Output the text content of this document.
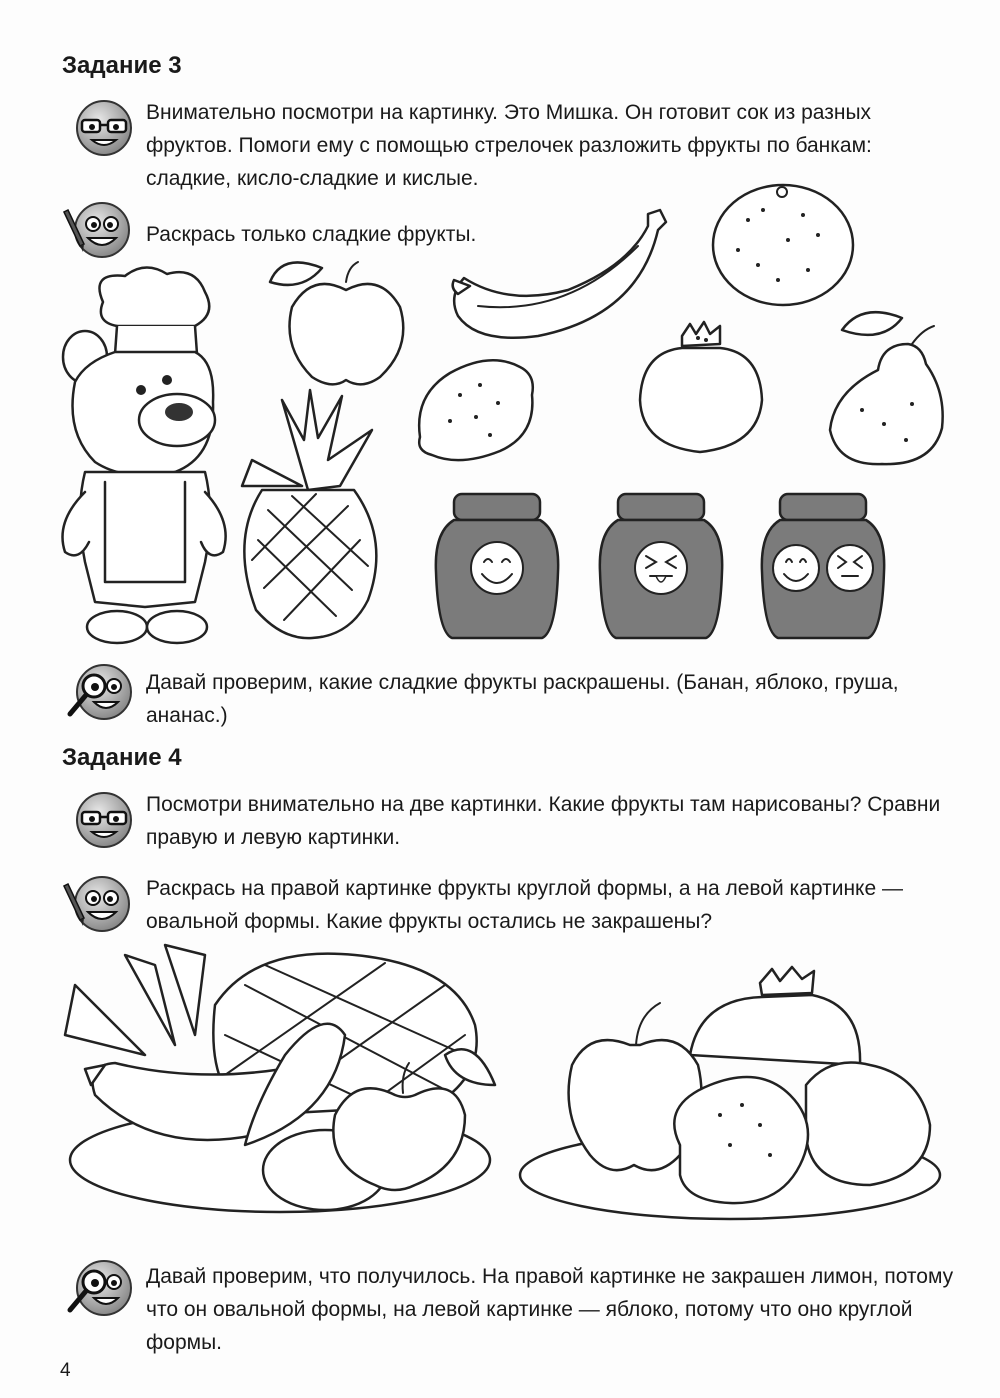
Задание 3

Внимательно посмотри на картинку. Это Мишка. Он готовит сок из разных фруктов. Помоги ему с помощью стрелочек разложить фрукты по банкам: сладкие, кисло-сладкие и кислые.

Раскрась только сладкие фрукты.

Давай проверим, какие сладкие фрукты раскрашены. (Банан, яблоко, груша, ананас.)

Задание 4

Посмотри внимательно на две картинки. Какие фрукты там нарисованы? Сравни правую и левую картинки.

Раскрась на правой картинке фрукты круглой формы, а на левой картинке — овальной формы. Какие фрукты остались не закрашены?

Давай проверим, что получилось. На правой картинке не закрашен лимон, потому что он овальной формы, на левой картинке — яблоко, потому что оно круглой формы.

4
